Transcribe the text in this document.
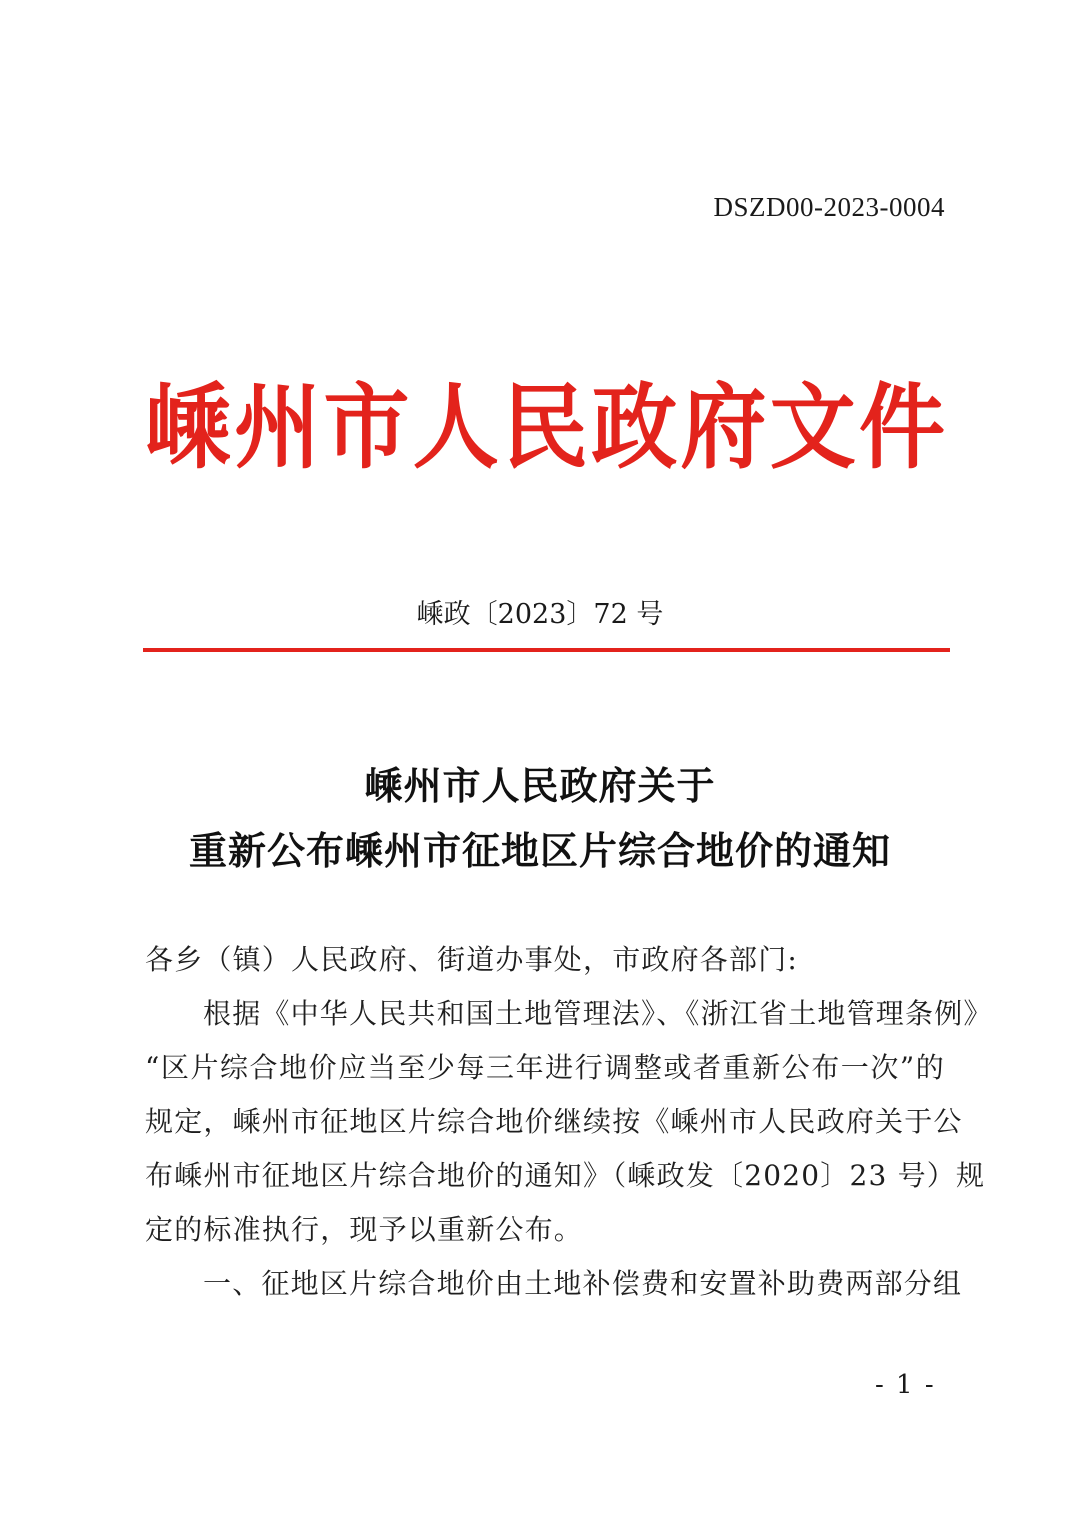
DSZD00-2023-0004
嵊 州 市 人 民 政 府 文 件
嵊政〔2023〕72 号
嵊州市人民政府关于
重新公布嵊州市征地区片综合地价的通知
各乡（镇）人民政府、街道办事处，市政府各部门:
根据《中华人民共和国土地管理法》、《浙江省土地管理条例》
“区片综合地价应当至少每三年进行调整或者重新公布一次”的
规定，嵊州市征地区片综合地价继续按《嵊州市人民政府关于公
布嵊州市征地区片综合地价的通知》（嵊政发〔2020〕23 号）规
定的标准执行，现予以重新公布。
一、征地区片综合地价由土地补偿费和安置补助费两部分组
- 1 -
